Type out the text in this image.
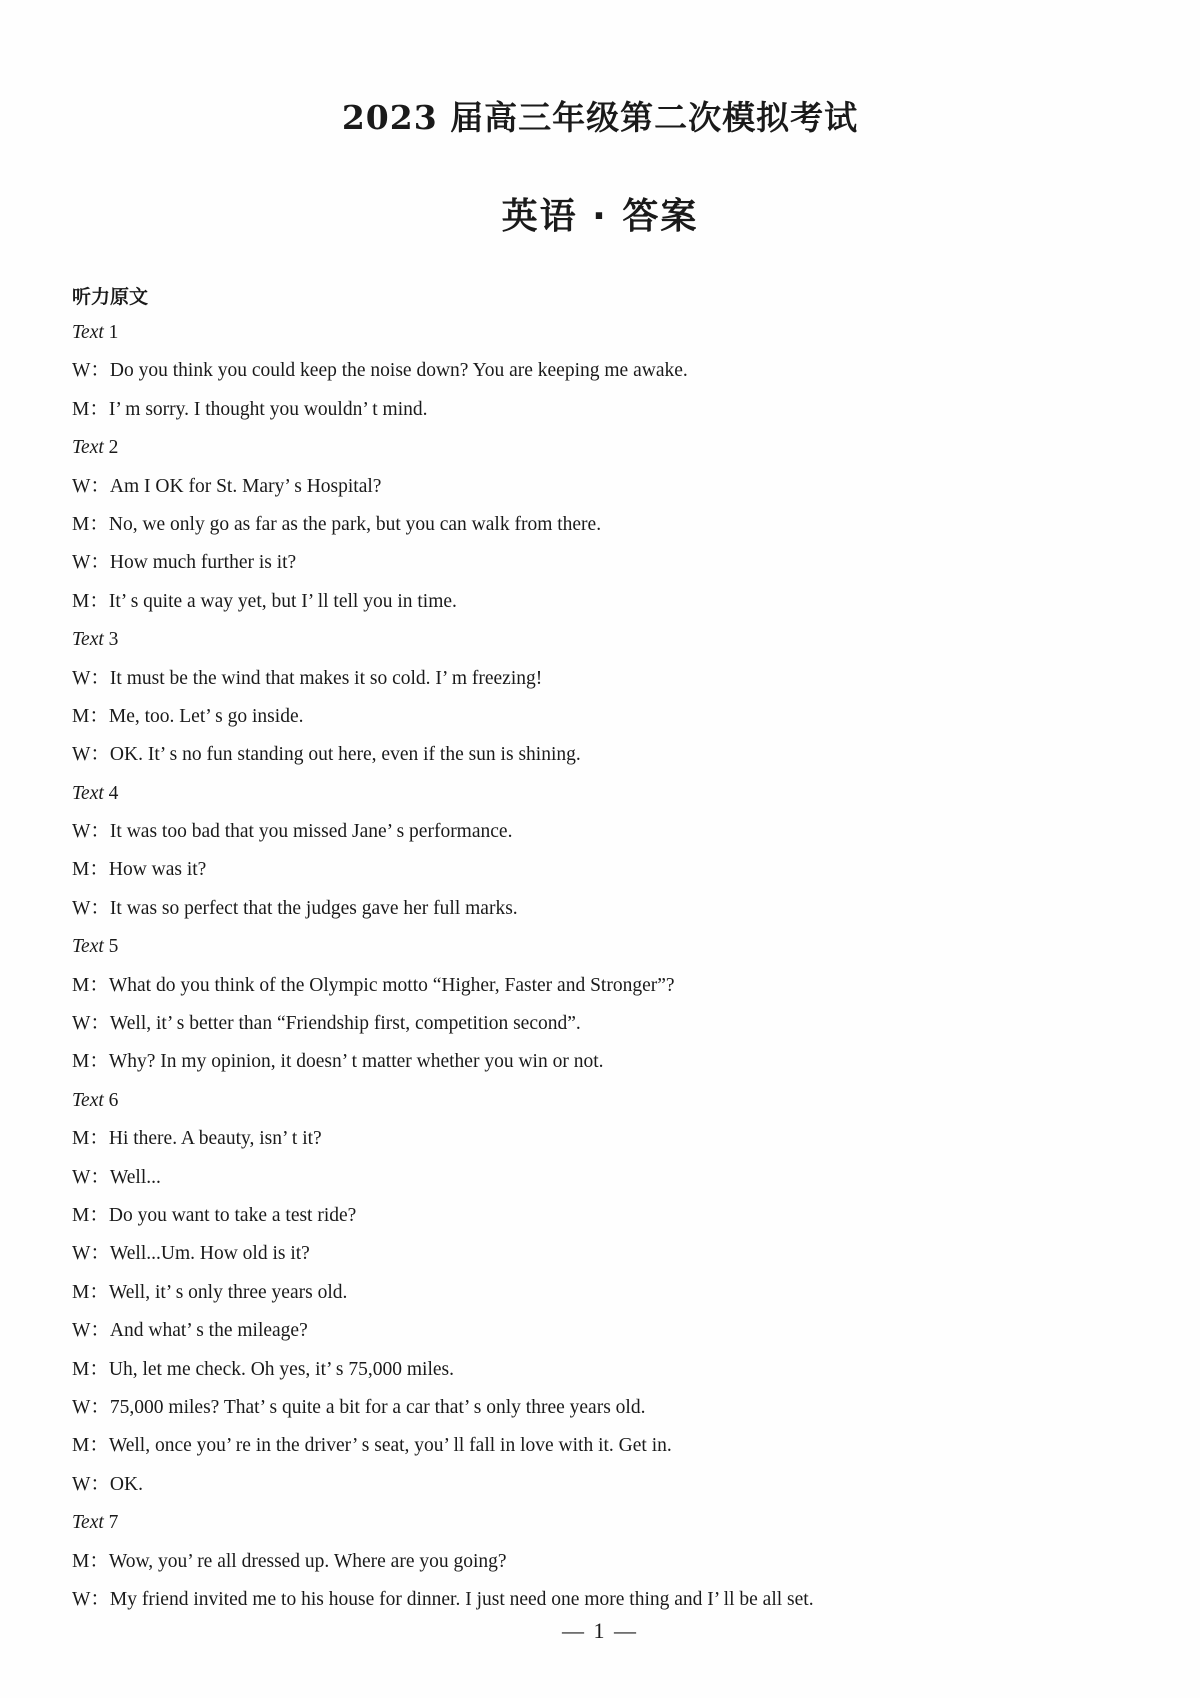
2023 届高三年级第二次模拟考试
英语 · 答案
听力原文
Text 1
W：Do you think you could keep the noise down? You are keeping me awake.
M：I’ m sorry. I thought you wouldn’ t mind.
Text 2
W：Am I OK for St. Mary’ s Hospital?
M：No, we only go as far as the park, but you can walk from there.
W：How much further is it?
M：It’ s quite a way yet, but I’ ll tell you in time.
Text 3
W：It must be the wind that makes it so cold. I’ m freezing!
M：Me, too. Let’ s go inside.
W：OK. It’ s no fun standing out here, even if the sun is shining.
Text 4
W：It was too bad that you missed Jane’ s performance.
M：How was it?
W：It was so perfect that the judges gave her full marks.
Text 5
M：What do you think of the Olympic motto “Higher, Faster and Stronger”?
W：Well, it’ s better than “Friendship first, competition second”.
M：Why? In my opinion, it doesn’ t matter whether you win or not.
Text 6
M：Hi there. A beauty, isn’ t it?
W：Well...
M：Do you want to take a test ride?
W：Well...Um. How old is it?
M：Well, it’ s only three years old.
W：And what’ s the mileage?
M：Uh, let me check. Oh yes, it’ s 75,000 miles.
W：75,000 miles? That’ s quite a bit for a car that’ s only three years old.
M：Well, once you’ re in the driver’ s seat, you’ ll fall in love with it. Get in.
W：OK.
Text 7
M：Wow, you’ re all dressed up. Where are you going?
W：My friend invited me to his house for dinner. I just need one more thing and I’ ll be all set.
— 1 —
